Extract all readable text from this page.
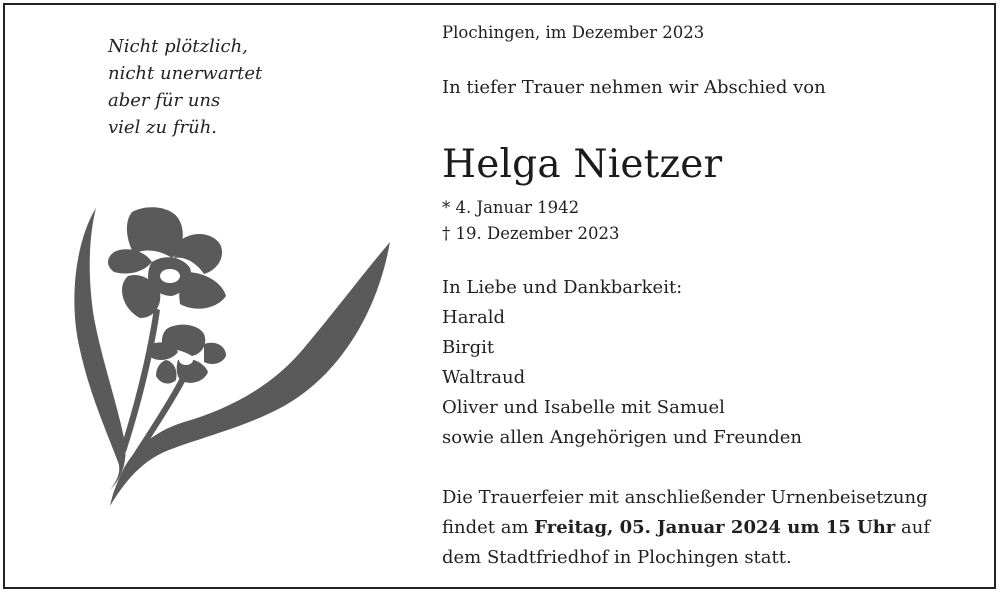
Nicht plötzlich,
nicht unerwartet
aber für uns
viel zu früh.
Plochingen, im Dezember 2023
In tiefer Trauer nehmen wir Abschied von
Helga Nietzer
* 4. Januar 1942
† 19. Dezember 2023
In Liebe und Dankbarkeit:
Harald
Birgit
Waltraud
Oliver und Isabelle mit Samuel
sowie allen Angehörigen und Freunden
Die Trauerfeier mit anschließender Urnenbeisetzung
findet am Freitag, 05. Januar 2024 um 15 Uhr auf
dem Stadtfriedhof in Plochingen statt.
